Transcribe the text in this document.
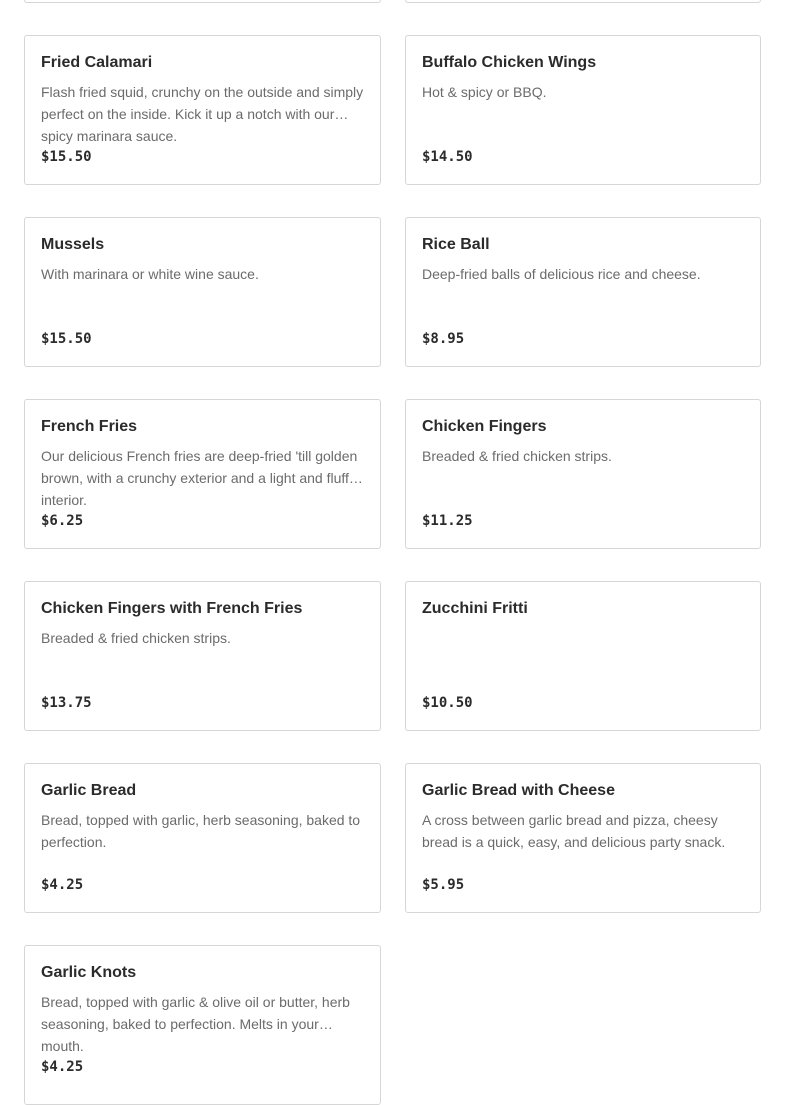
Fried Calamari
Flash fried squid, crunchy on the outside and simply perfect on the inside. Kick it up a notch with our spicy marinara sauce.
$15.50
Buffalo Chicken Wings
Hot & spicy or BBQ.
$14.50
Mussels
With marinara or white wine sauce.
$15.50
Rice Ball
Deep-fried balls of delicious rice and cheese.
$8.95
French Fries
Our delicious French fries are deep-fried 'till golden brown, with a crunchy exterior and a light and fluffy interior.
$6.25
Chicken Fingers
Breaded & fried chicken strips.
$11.25
Chicken Fingers with French Fries
Breaded & fried chicken strips.
$13.75
Zucchini Fritti
$10.50
Garlic Bread
Bread, topped with garlic, herb seasoning, baked to perfection.
$4.25
Garlic Bread with Cheese
A cross between garlic bread and pizza, cheesy bread is a quick, easy, and delicious party snack.
$5.95
Garlic Knots
Bread, topped with garlic & olive oil or butter, herb seasoning, baked to perfection. Melts in your mouth.
$4.25
